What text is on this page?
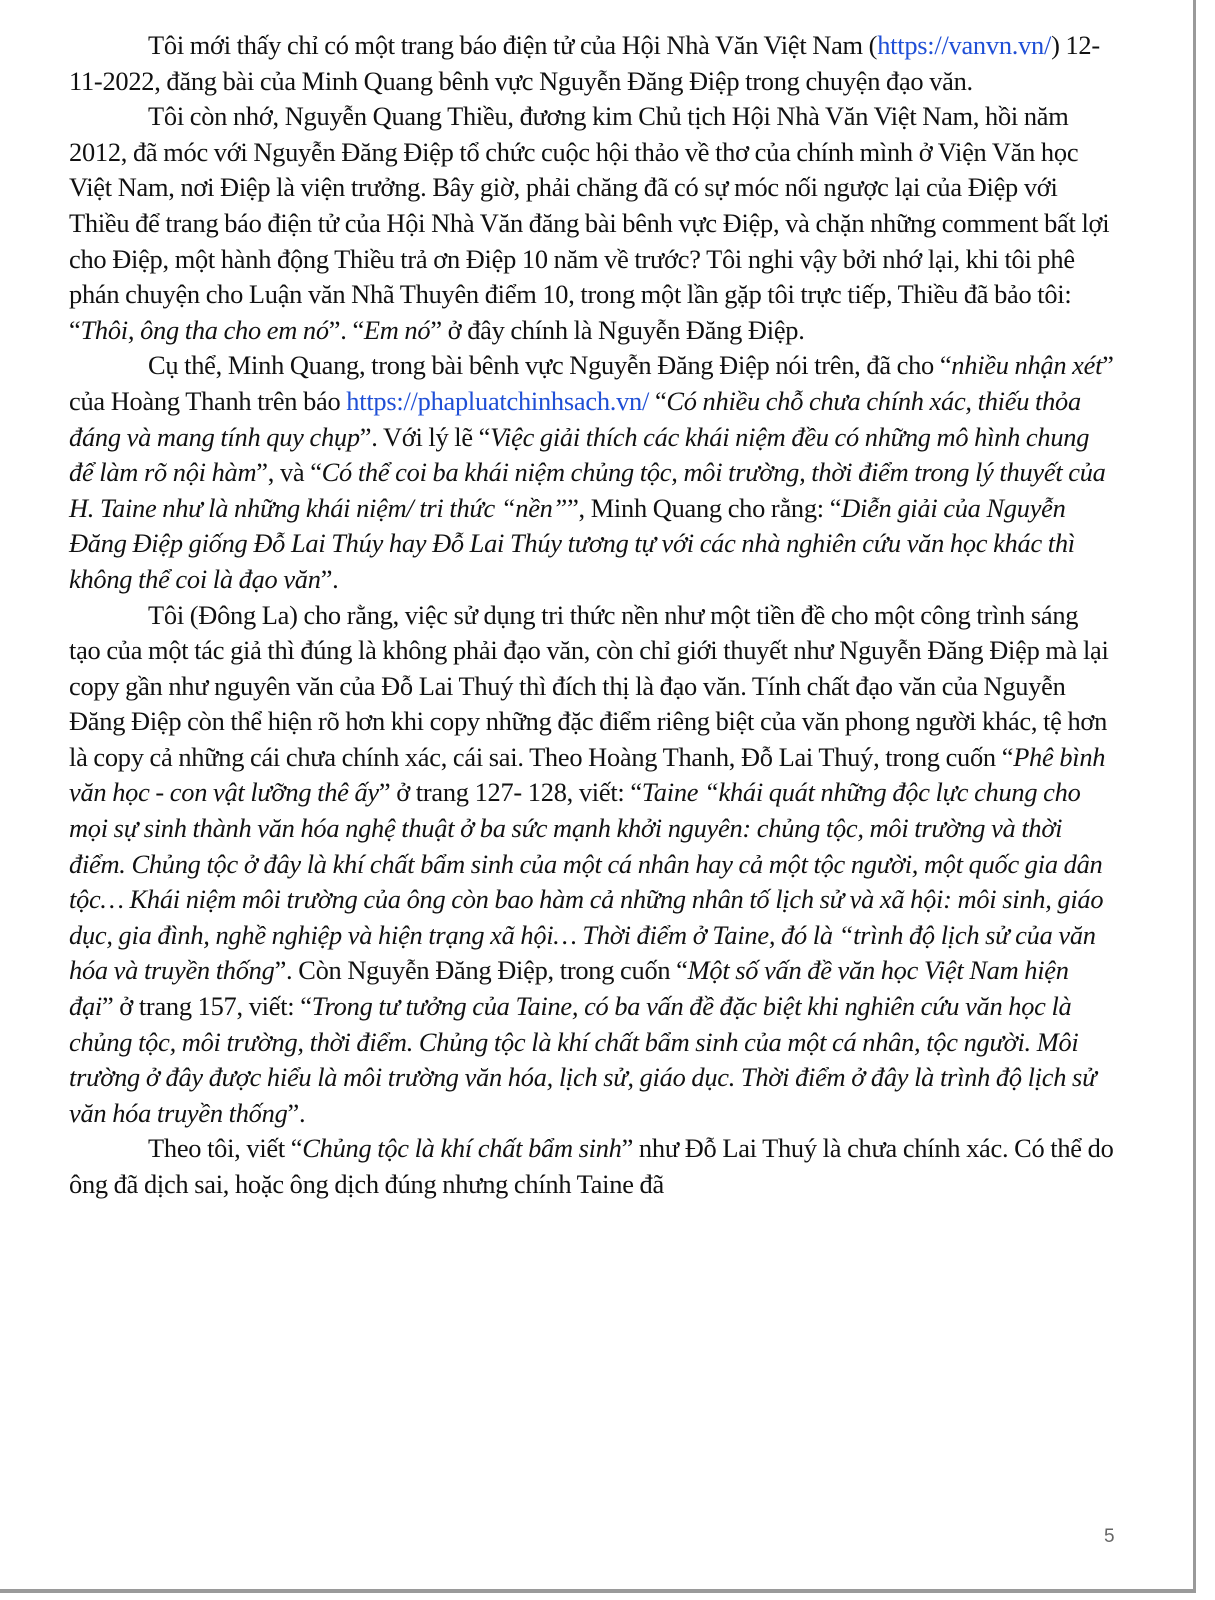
Tôi mới thấy chỉ có một trang báo điện tử của Hội Nhà Văn Việt Nam (https://vanvn.vn/) 12-11-2022, đăng bài của Minh Quang bênh vực Nguyễn Đăng Điệp trong chuyện đạo văn.

Tôi còn nhớ, Nguyễn Quang Thiều, đương kim Chủ tịch Hội Nhà Văn Việt Nam, hồi năm 2012, đã móc với Nguyễn Đăng Điệp tổ chức cuộc hội thảo về thơ của chính mình ở Viện Văn học Việt Nam, nơi Điệp là viện trưởng. Bây giờ, phải chăng đã có sự móc nối ngược lại của Điệp với Thiều để trang báo điện tử của Hội Nhà Văn đăng bài bênh vực Điệp, và chặn những comment bất lợi cho Điệp, một hành động Thiều trả ơn Điệp 10 năm về trước? Tôi nghi vậy bởi nhớ lại, khi tôi phê phán chuyện cho Luận văn Nhã Thuyên điểm 10, trong một lần gặp tôi trực tiếp, Thiều đã bảo tôi: “Thôi, ông tha cho em nó”. “Em nó” ở đây chính là Nguyễn Đăng Điệp.

Cụ thể, Minh Quang, trong bài bênh vực Nguyễn Đăng Điệp nói trên, đã cho “nhiều nhận xét” của Hoàng Thanh trên báo https://phapluatchinhsach.vn/ “Có nhiều chỗ chưa chính xác, thiếu thỏa đáng và mang tính quy chụp”. Với lý lẽ “Việc giải thích các khái niệm đều có những mô hình chung để làm rõ nội hàm”, và “Có thể coi ba khái niệm chủng tộc, môi trường, thời điểm trong lý thuyết của H. Taine như là những khái niệm/ tri thức “nền””, Minh Quang cho rằng: “Diễn giải của Nguyễn Đăng Điệp giống Đỗ Lai Thúy hay Đỗ Lai Thúy tương tự với các nhà nghiên cứu văn học khác thì không thể coi là đạo văn”.

Tôi (Đông La) cho rằng, việc sử dụng tri thức nền như một tiền đề cho một công trình sáng tạo của một tác giả thì đúng là không phải đạo văn, còn chỉ giới thuyết như Nguyễn Đăng Điệp mà lại copy gần như nguyên văn của Đỗ Lai Thuý thì đích thị là đạo văn. Tính chất đạo văn của Nguyễn Đăng Điệp còn thể hiện rõ hơn khi copy những đặc điểm riêng biệt của văn phong người khác, tệ hơn là copy cả những cái chưa chính xác, cái sai. Theo Hoàng Thanh, Đỗ Lai Thuý, trong cuốn “Phê bình văn học - con vật lưỡng thê ấy” ở trang 127- 128, viết: “Taine “khái quát những độc lực chung cho mọi sự sinh thành văn hóa nghệ thuật ở ba sức mạnh khởi nguyên: chủng tộc, môi trường và thời điểm. Chủng tộc ở đây là khí chất bẩm sinh của một cá nhân hay cả một tộc người, một quốc gia dân tộc… Khái niệm môi trường của ông còn bao hàm cả những nhân tố lịch sử và xã hội: môi sinh, giáo dục, gia đình, nghề nghiệp và hiện trạng xã hội… Thời điểm ở Taine, đó là “trình độ lịch sử của văn hóa và truyền thống”. Còn Nguyễn Đăng Điệp, trong cuốn “Một số vấn đề văn học Việt Nam hiện đại” ở trang 157, viết: “Trong tư tưởng của Taine, có ba vấn đề đặc biệt khi nghiên cứu văn học là chủng tộc, môi trường, thời điểm. Chủng tộc là khí chất bẩm sinh của một cá nhân, tộc người. Môi trường ở đây được hiểu là môi trường văn hóa, lịch sử, giáo dục. Thời điểm ở đây là trình độ lịch sử văn hóa truyền thống”.

Theo tôi, viết “Chủng tộc là khí chất bẩm sinh” như Đỗ Lai Thuý là chưa chính xác. Có thể do ông đã dịch sai, hoặc ông dịch đúng nhưng chính Taine đã

5
